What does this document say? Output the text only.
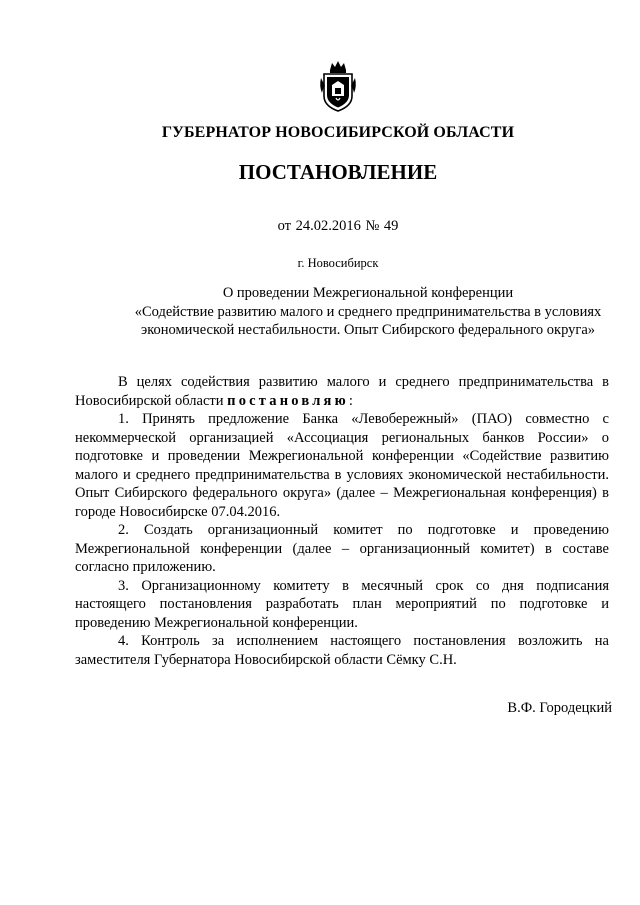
ГУБЕРНАТОР НОВОСИБИРСКОЙ ОБЛАСТИ
ПОСТАНОВЛЕНИЕ
от 24.02.2016 № 49
г. Новосибирск
О проведении Межрегиональной конференции
«Содействие развитию малого и среднего предпринимательства в условиях
экономической нестабильности. Опыт Сибирского федерального округа»

В целях содействия развитию малого и среднего предпринимательства в Новосибирской области постановляю:

1. Принять предложение Банка «Левобережный» (ПАО) совместно с некоммерческой организацией «Ассоциация региональных банков России» о подготовке и проведении Межрегиональной конференции «Содействие развитию малого и среднего предпринимательства в условиях экономической нестабильности. Опыт Сибирского федерального округа» (далее – Межрегиональная конференция) в городе Новосибирске 07.04.2016.

2. Создать организационный комитет по подготовке и проведению Межрегиональной конференции (далее – организационный комитет) в составе согласно приложению.

3. Организационному комитету в месячный срок со дня подписания настоящего постановления разработать план мероприятий по подготовке и проведению Межрегиональной конференции.

4. Контроль за исполнением настоящего постановления возложить на заместителя Губернатора Новосибирской области Сёмку С.Н.

В.Ф. Городецкий
